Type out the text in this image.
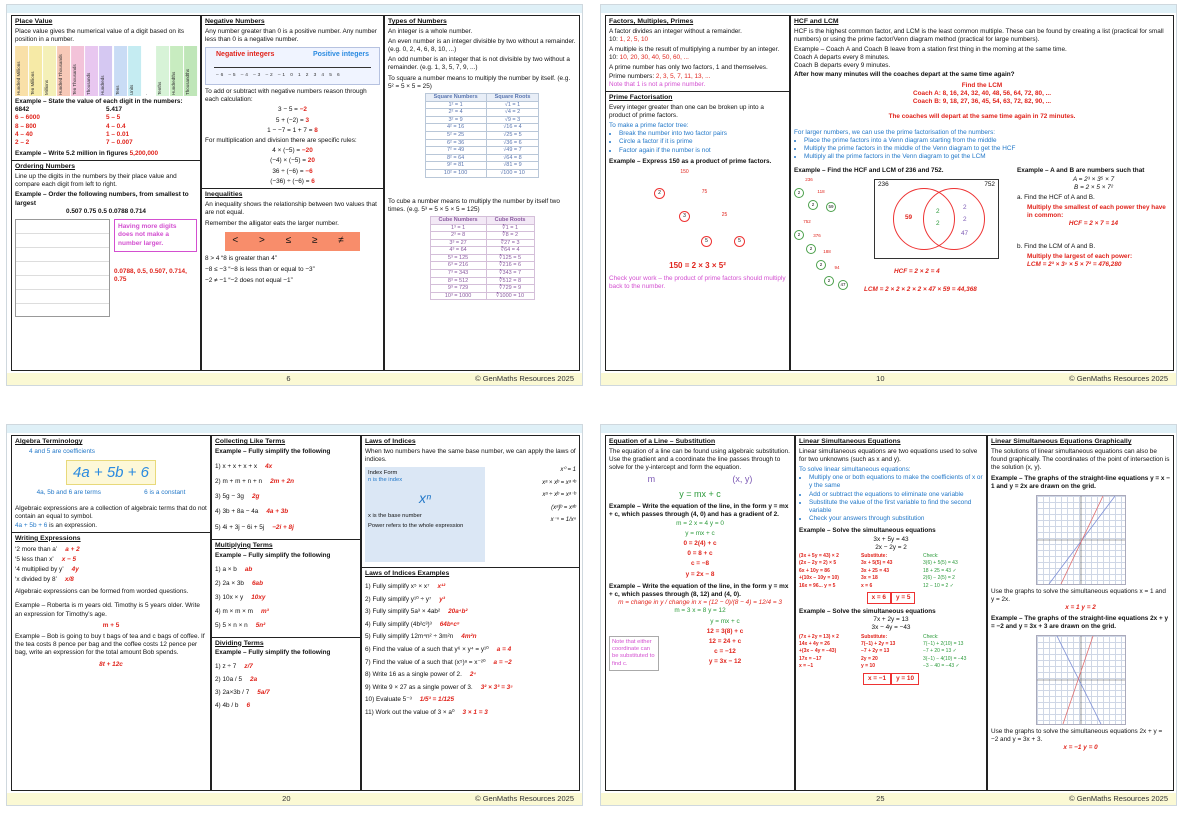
Place Value
Place value gives the numerical value of a digit based on its position in a number.
Hundred Millions	Ten Millions	Millions	Hundred Thousands	Ten Thousands	Thousands	Hundreds	Tens	Units	.	Tenths	Hundredths	Thousandths
Example – State the value of each digit in the numbers:
6842	5.417
6 – 6000	5 – 5
8 – 800	4 – 0.4
4 – 40	1 – 0.01
2 – 2	7 – 0.007
Example – Write 5.2 million in figures 5,200,000
Ordering Numbers
Line up the digits in the numbers by their place value and compare each digit from left to right.
Example – Order the following numbers, from smallest to largest
0.507 0.75 0.5 0.0788 0.714
Having more digits does not make a number larger.
0.0788, 0.5, 0.507, 0.714, 0.75
Negative Numbers
Any number greater than 0 is a positive number. Any number less than 0 is a negative number.
Negative integers	Positive integers
–6 –5 –4 –3 –2 –1 0 1 2 3 4 5 6
To add or subtract with negative numbers reason through each calculation:
3 − 5 = −2
5 + (−2) = 3
1 − −7 = 1 + 7 = 8
For multiplication and division there are specific rules:
4 × (−5) = −20
(−4) × (−5) = 20
36 ÷ (−6) = −6
(−36) ÷ (−6) = 6
Inequalities
An inequality shows the relationship between two values that are not equal.
Remember the alligator eats the larger number.
< > ≤ ≥ ≠
8 > 4 “8 is greater than 4”
−8 ≤ −3 “−8 is less than or equal to −3”
−2 ≠ −1 “−2 does not equal −1”
Types of Numbers
An integer is a whole number.
An even number is an integer divisible by two without a remainder. (e.g. 0, 2, 4, 6, 8, 10, ...)
An odd number is an integer that is not divisible by two without a remainder. (e.g. 1, 3, 5, 7, 9, ...)
To square a number means to multiply the number by itself. (e.g. 5² = 5 × 5 = 25)
Square Numbers	Square Roots
1² = 1	√1 = 1
2² = 4	√4 = 2
3² = 9	√9 = 3
4² = 16	√16 = 4
5² = 25	√25 = 5
6² = 36	√36 = 6
7² = 49	√49 = 7
8² = 64	√64 = 8
9² = 81	√81 = 9
10² = 100	√100 = 10
To cube a number means to multiply the number by itself two times. (e.g. 5³ = 5 × 5 × 5 = 125)
Cube Numbers	Cube Roots
1³ = 1	∛1 = 1
2³ = 8	∛8 = 2
3³ = 27	∛27 = 3
4³ = 64	∛64 = 4
5³ = 125	∛125 = 5
6³ = 216	∛216 = 6
7³ = 343	∛343 = 7
8³ = 512	∛512 = 8
9³ = 729	∛729 = 9
10³ = 1000	∛1000 = 10
6	© GenMaths Resources 2025
Factors, Multiples, Primes
A factor divides an integer without a remainder.
10: 1, 2, 5, 10
A multiple is the result of multiplying a number by an integer.
10: 10, 20, 30, 40, 50, 60, ...
A prime number has only two factors, 1 and themselves.
Prime numbers: 2, 3, 5, 7, 11, 13, ...
Note that 1 is not a prime number.
Prime Factorisation
Every integer greater than one can be broken up into a product of prime factors.
To make a prime factor tree:
• Break the number into two factor pairs
• Circle a factor if it is prime
• Factor again if the number is not
Example – Express 150 as a product of prime factors.
150
2	75
3	25
5	5
150 = 2 × 3 × 5²
Check your work – the product of prime factors should multiply back to the number.
HCF and LCM
HCF is the highest common factor, and LCM is the least common multiple. These can be found by creating a list (practical for small numbers) or using the prime factor/Venn diagram method (practical for large numbers).
Example – Coach A and Coach B leave from a station first thing in the morning at the same time.
Coach A departs every 8 minutes.
Coach B departs every 9 minutes.
After how many minutes will the coaches depart at the same time again?
Find the LCM
Coach A: 8, 16, 24, 32, 40, 48, 56, 64, 72, 80, ...
Coach B: 9, 18, 27, 36, 45, 54, 63, 72, 82, 90, ...
The coaches will depart at the same time again in 72 minutes.
For larger numbers, we can use the prime factorisation of the numbers:
• Place the prime factors into a Venn diagram starting from the middle
• Multiply the prime factors in the middle of the Venn diagram to get the HCF
• Multiply all the prime factors in the Venn diagram to get the LCM
Example – Find the HCF and LCM of 236 and 752.
236
2	118
2	59
752
2	376
2
188
2
94
2
47
236	752
59
2
2
2
2
47
HCF = 2 × 2 = 4
LCM = 2 × 2 × 2 × 2 × 47 × 59 = 44,368
Example – A and B are numbers such that
A = 2³ × 3⁵ × 7
B = 2 × 5 × 7²
a. Find the HCF of A and B.
Multiply the smallest of each power they have in common:
HCF = 2 × 7 = 14
b. Find the LCM of A and B.
Multiply the largest of each power:
LCM = 2³ × 3⁵ × 5 × 7² = 476,280
10	© GenMaths Resources 2025
Algebra Terminology
4 and 5 are coefficients
4a + 5b + 6
4a, 5b and 6 are terms	6 is a constant
Algebraic expressions are a collection of algebraic terms that do not contain an equal to symbol.
4a + 5b + 6 is an expression.
Writing Expressions
‘2 more than a’ a + 2
‘5 less than x’ x − 5
‘4 multiplied by y’ 4y
‘x divided by 8’ x/8
Algebraic expressions can be formed from worded questions.
Example – Roberta is m years old. Timothy is 5 years older. Write an expression for Timothy’s age.
m + 5
Example – Bob is going to buy t bags of tea and c bags of coffee. If the tea costs 8 pence per bag and the coffee costs 12 pence per bag, write an expression for the total amount Bob spends.
8t + 12c
Collecting Like Terms
Example – Fully simplify the following
1) x + x + x + x 4x
2) m + m + n + n 2m + 2n
3) 5g − 3g 2g
4) 3b + 8a − 4a 4a + 3b
5) 4i + 3j − 6i + 5j −2i + 8j
Multiplying Terms
Example – Fully simplify the following
1) a × b ab
2) 2a × 3b 6ab
3) 10x × y 10xy
4) m × m × m m³
5) 5 × n × n 5n²
Dividing Terms
Example – Fully simplify the following
1) z ÷ 7 z/7
2) 10a / 5 2a
3) 2a×3b / 7 5a/7
4) 4b / b 6
Laws of Indices
When two numbers have the same base number, we can apply the laws of indices.
Index Form
n is the index
xⁿ
x is the base number
Power refers to the whole expression
x⁰ = 1
xᵃ × xᵇ = xᵃ⁺ᵇ
xᵃ ÷ xᵇ = xᵃ⁻ᵇ
(xᵃ)ᵇ = xᵃᵇ
x⁻ⁿ = 1/xⁿ
Laws of Indices Examples
1) Fully simplify x⁵ × x⁷ x¹²
2) Fully simplify y¹⁰ ÷ y⁷ y³
3) Fully simplify 5a³ × 4ab² 20a⁴b²
4) Fully simplify (4b²c³)³ 64b⁶c⁹
5) Fully simplify 12m⁴n² ÷ 3m²n 4m²n
6) Find the value of a such that y⁶ × y⁴ = y¹⁰ a = 4
7) Find the value of a such that (x⁵)ᵃ = x⁻²⁰ a = −2
8) Write 16 as a single power of 2. 2⁴
9) Write 9 × 27 as a single power of 3. 3² × 3³ = 3⁵
10) Evaluate 5⁻³ 1/5³ = 1/125
11) Work out the value of 3 × a⁰ 3 × 1 = 3
20	© GenMaths Resources 2025
Equation of a Line – Substitution
The equation of a line can be found using algebraic substitution. Use the gradient and a coordinate the line passes through to solve for the y-intercept and form the equation.
m	(x, y)
y = mx + c
Example – Write the equation of the line, in the form y = mx + c, which passes through (4, 0) and has a gradient of 2.
m = 2 x = 4 y = 0
y = mx + c
0 = 2(4) + c
0 = 8 + c
c = −8
y = 2x − 8
Example – Write the equation of the line, in the form y = mx + c, which passes through (8, 12) and (4, 0).
m = change in y / change in x = (12 − 0)/(8 − 4) = 12/4 = 3
m = 3 x = 8 y = 12
Note that either coordinate can be substituted to find c.
y = mx + c
12 = 3(8) + c
12 = 24 + c
c = −12
y = 3x − 12
Linear Simultaneous Equations
Linear simultaneous equations are two equations used to solve for two unknowns (such as x and y).
To solve linear simultaneous equations:
• Multiply one or both equations to make the coefficients of x or y the same
• Add or subtract the equations to eliminate one variable
• Substitute the value of the first variable to find the second variable
• Check your answers through substitution
Example – Solve the simultaneous equations
3x + 5y = 43
2x − 2y = 2
(3x + 5y = 43) × 2
(2x − 2y = 2) × 5
6x + 10y = 86
+(10x − 10y = 10)
16x = 96... y = 5
Substitute:
3x + 5(5) = 43
3x + 25 = 43
3x = 18
x = 6
Check:
3(6) + 5(5) = 43
18 + 25 = 43 ✓
2(6) − 2(5) = 2
12 − 10 = 2 ✓
x = 6 y = 5
Example – Solve the simultaneous equations
7x + 2y = 13
3x − 4y = −43
(7x + 2y = 13) × 2
14x + 4y = 26
+(3x − 4y = −43)
17x = −17
x = −1
Substitute:
7(−1) + 2y = 13
−7 + 2y = 13
2y = 20
y = 10
Check:
7(−1) + 2(10) = 13
−7 + 20 = 13 ✓
3(−1) − 4(10) = −43
−3 − 40 = −43 ✓
x = −1 y = 10
Linear Simultaneous Equations Graphically
The solutions of linear simultaneous equations can also be found graphically. The coordinates of the point of intersection is the solution (x, y).
Example – The graphs of the straight-line equations y = x − 1 and y = 2x are drawn on the grid.
Use the graphs to solve the simultaneous equations x = 1 and y = 2x.
x = 1 y = 2
Example – The graphs of the straight-line equations 2x + y = −2 and y = 3x + 3 are drawn on the grid.
Use the graphs to solve the simultaneous equations 2x + y = −2 and y = 3x + 3.
x = −1 y = 0
25	© GenMaths Resources 2025
